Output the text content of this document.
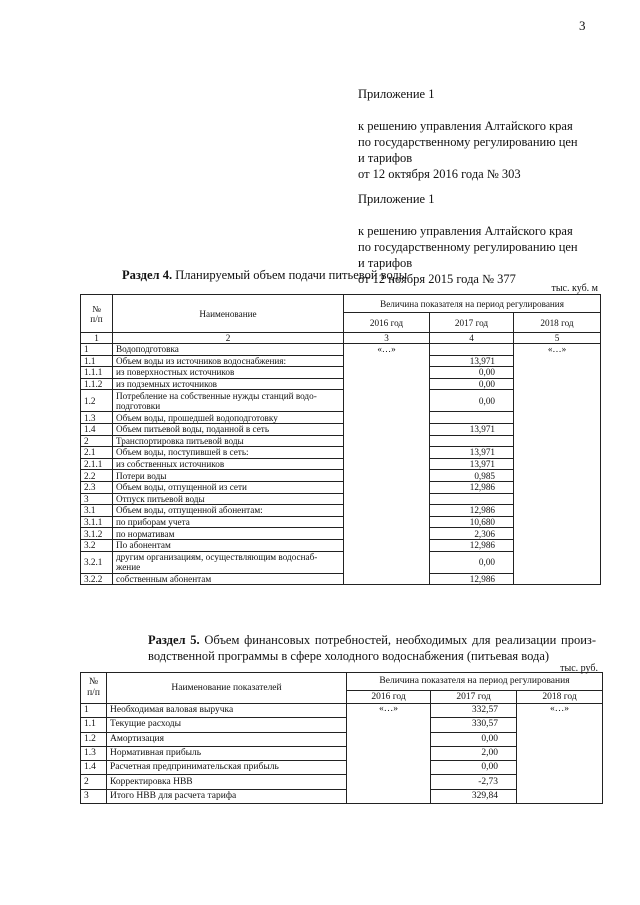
3

Приложение 1

к решению управления Алтайского края
по государственному регулированию цен
и тарифов
от 12 октября 2016 года № 303

Приложение 1

к решению управления Алтайского края
по государственному регулированию цен
и тарифов
от 12 ноября 2015 года № 377

Раздел 4. Планируемый объем подачи питьевой воды
тыс. куб. м
№
п/п	Наименование	Величина показателя на период регулирования		
		2016 год	2017 год	2018 год
1	2	3	4	5
1	Водоподготовка	«…»		«…»
1.1	Объем воды из источников водоснабжения:		13,971	
1.1.1	из поверхностных источников		0,00	
1.1.2	из подземных источников		0,00	
1.2	Потребление на собственные нужды станций водо-подготовки		0,00	
1.3	Объем воды, прошедшей водоподготовку			
1.4	Объем питьевой воды, поданной в сеть		13,971	
2	Транспортировка питьевой воды			
2.1	Объем воды, поступившей в сеть:		13,971	
2.1.1	из собственных источников		13,971	
2.2	Потери воды		0,985	
2.3	Объем воды, отпущенной из сети		12,986	
3	Отпуск питьевой воды			
3.1	Объем воды, отпущенной абонентам:		12,986	
3.1.1	по приборам учета		10,680	
3.1.2	по нормативам		2,306	
3.2	По абонентам		12,986	
3.2.1	другим организациям, осуществляющим водоснаб-жение		0,00	
3.2.2	собственным абонентам		12,986	
Раздел 5. Объем финансовых потребностей, необходимых для реализации произ-водственной программы в сфере холодного водоснабжения (питьевая вода)
тыс. руб.
№
п/п	Наименование показателей	Величина показателя на период регулирования		
		2016 год	2017 год	2018 год
1	Необходимая валовая выручка	«…»	332,57	«…»
1.1	Текущие расходы		330,57	
1.2	Амортизация		0,00	
1.3	Нормативная прибыль		2,00	
1.4	Расчетная предпринимательская прибыль		0,00	
2	Корректировка НВВ		-2,73	
3	Итого НВВ для расчета тарифа		329,84	
